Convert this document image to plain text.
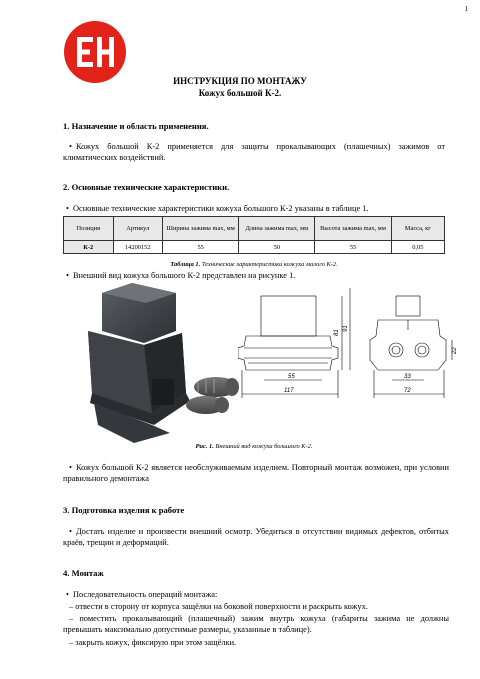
1
ИНСТРУКЦИЯ ПО МОНТАЖУ
Кожух большой К-2.
1. Назначение и область применения.
• Кожух большой К-2 применяется для защиты прокалывающих (плашечных) зажимов от климатических воздействий.
2. Основные технические характеристики.
• Основные технические характеристики кожуха большого К-2 указаны в таблице 1.
Позиция	Артикул	Ширина зажима max, мм	Длина зажима max, мм	Высота зажима max, мм	Масса, кг
К-2	14200152	55	50	55	0,05
Таблица 1. Технические характеристики кожуха малого К-2.
• Внешний вид кожуха большого К-2 представлен на рисунке 1.
81
91
55
117
22
33
72
Рис. 1. Внешний вид кожуха большого К-2.
• Кожух большой К-2 является необслуживаемым изделием. Повторный монтаж возможен, при условии правильного демонтажа
3. Подготовка изделия к работе
• Достать изделие и произвести внешний осмотр. Убедиться в отсутствии видимых дефектов, отбитых краёв, трещин и деформаций.
4. Монтаж
• Последовательность операций монтажа:
– отвести в сторону от корпуса защёлки на боковой поверхности и раскрыть кожух.
– поместить прокалывающий (плашечный) зажим внутрь кожуха (габариты зажима не должны превышать максимально допустимые размеры, указанные в таблице).
– закрыть кожух, фиксирую при этом защёлки.
